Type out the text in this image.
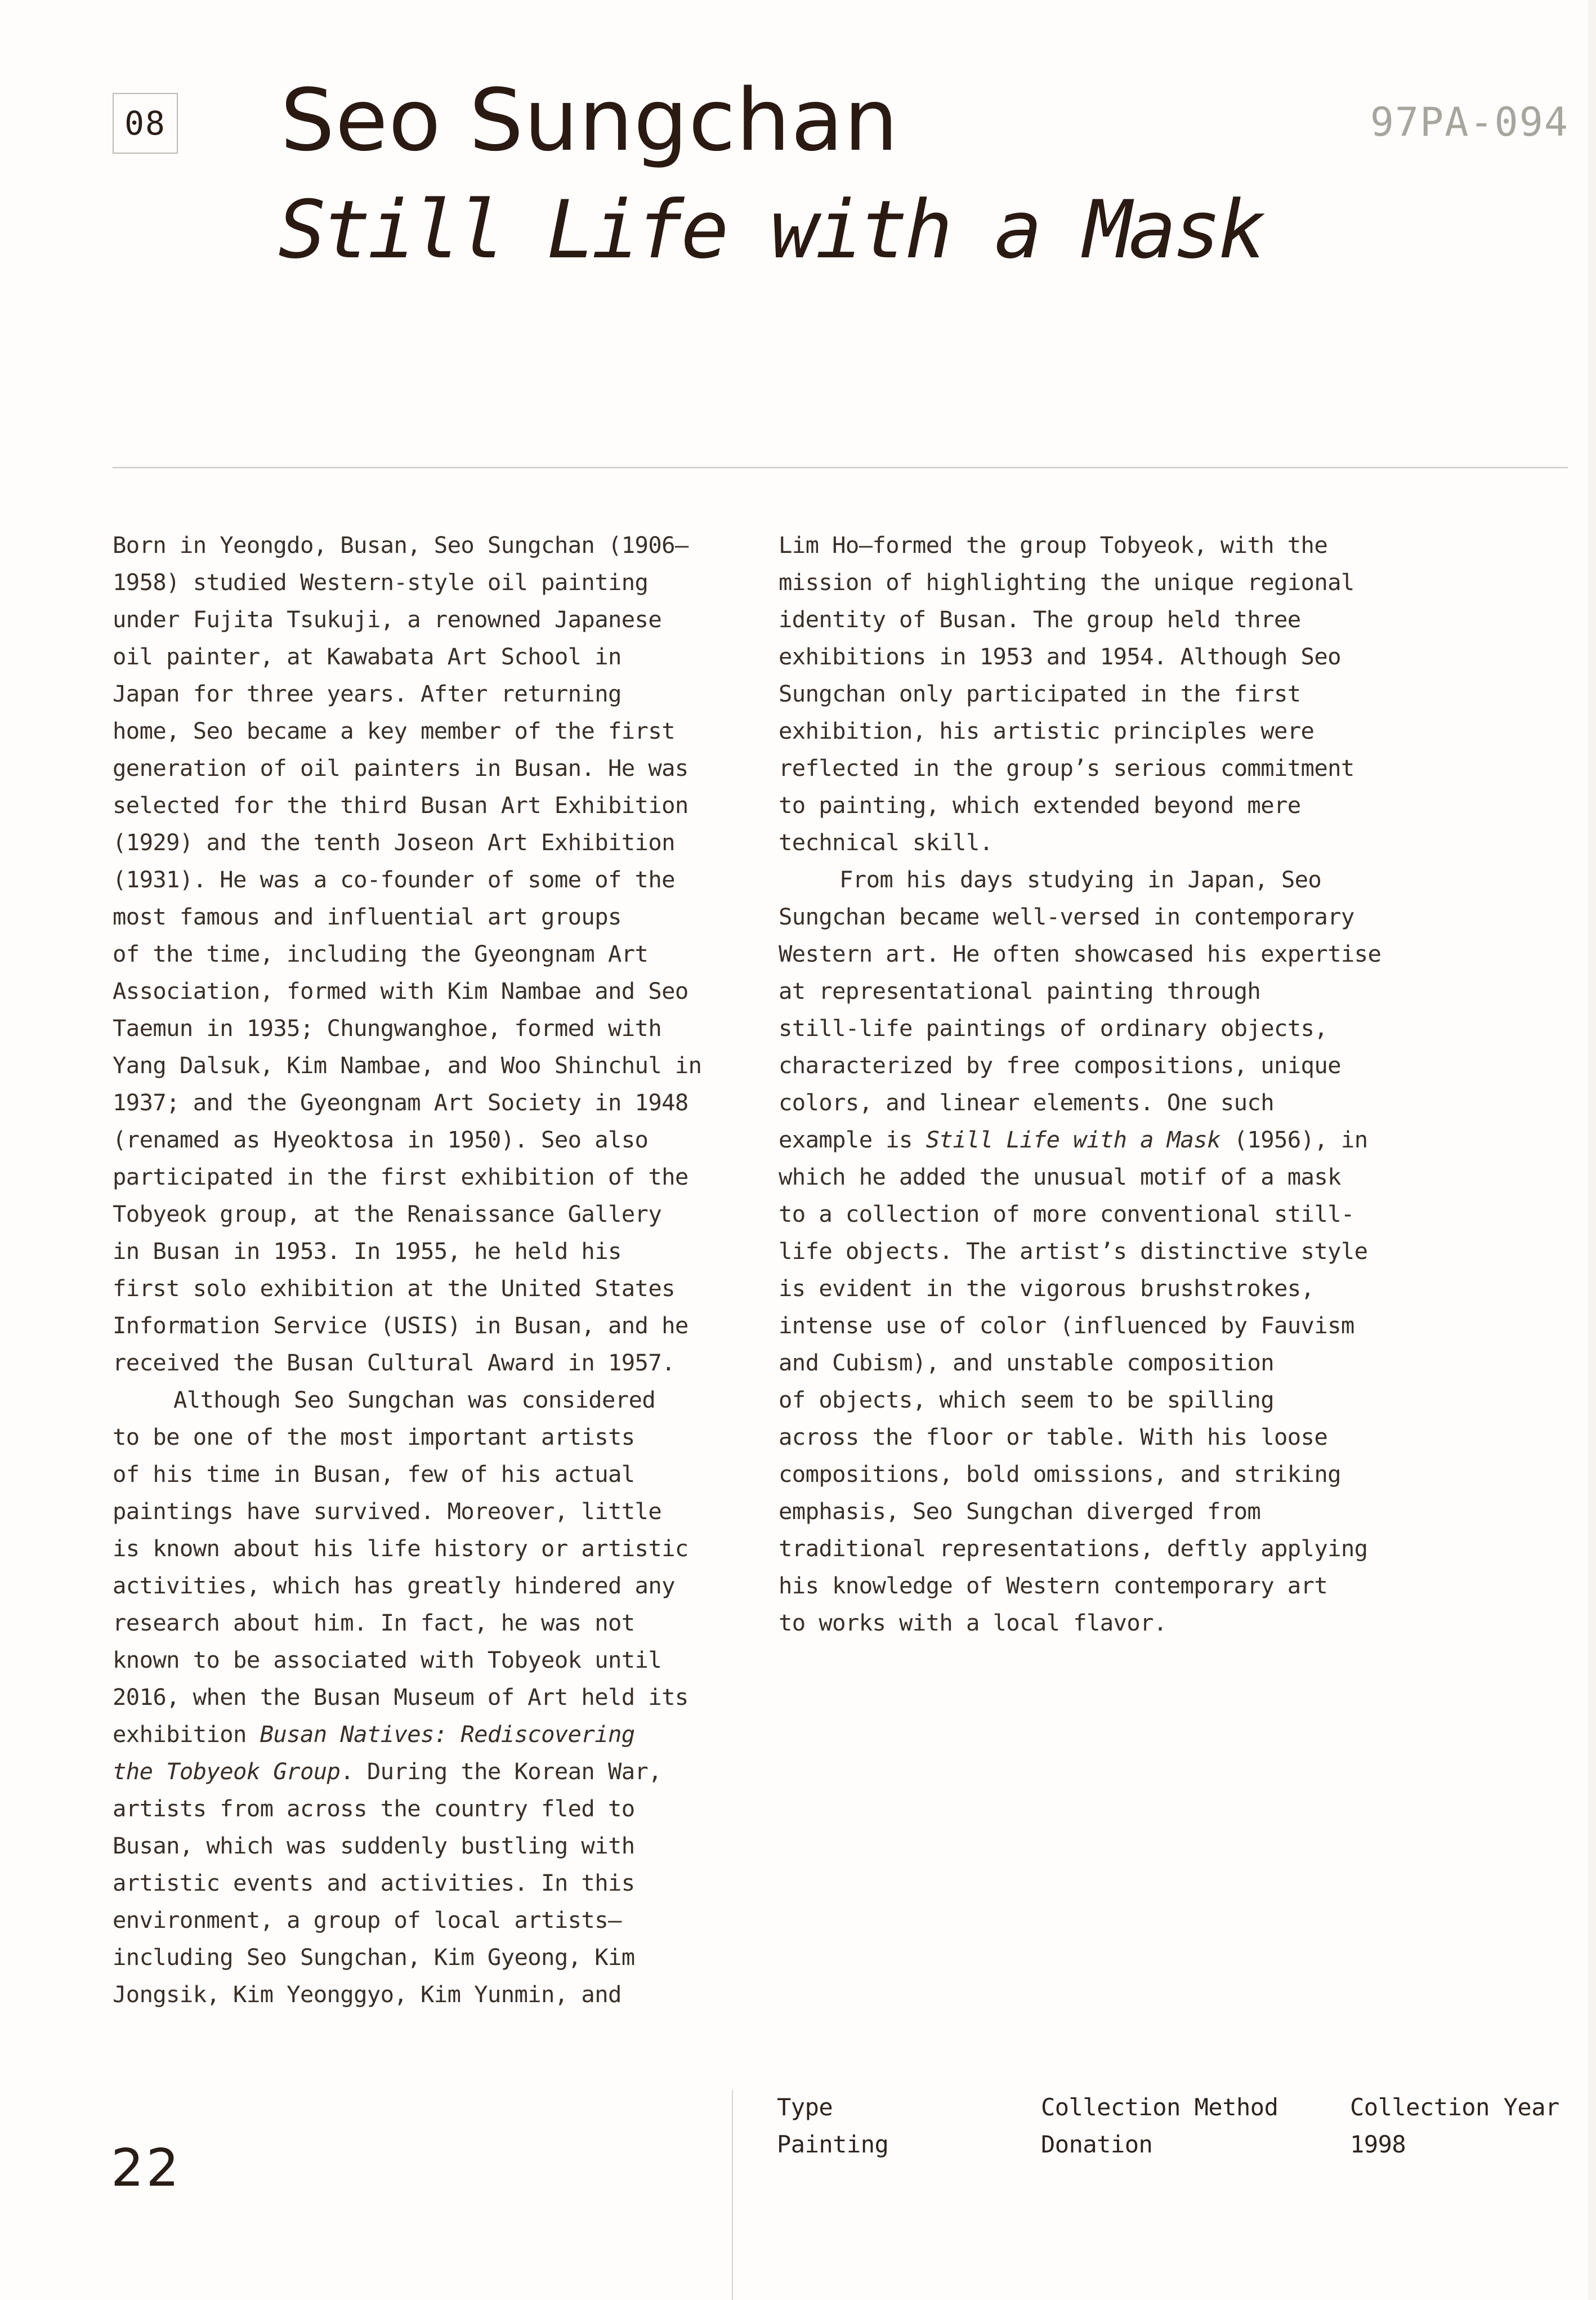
08 Seo Sungchan
Still Life with a Mask
97PA-094

Born in Yeongdo, Busan, Seo Sungchan (1906–

1958) studied Western-style oil painting

under Fujita Tsukuji, a renowned Japanese

oil painter, at Kawabata Art School in

Japan for three years. After returning

home, Seo became a key member of the first

generation of oil painters in Busan. He was

selected for the third Busan Art Exhibition

(1929) and the tenth Joseon Art Exhibition

(1931). He was a co-founder of some of the

most famous and influential art groups

of the time, including the Gyeongnam Art

Association, formed with Kim Nambae and Seo

Taemun in 1935; Chungwanghoe, formed with

Yang Dalsuk, Kim Nambae, and Woo Shinchul in

1937; and the Gyeongnam Art Society in 1948

(renamed as Hyeoktosa in 1950). Seo also

participated in the first exhibition of the

Tobyeok group, at the Renaissance Gallery

in Busan in 1953. In 1955, he held his

first solo exhibition at the United States

Information Service (USIS) in Busan, and he

received the Busan Cultural Award in 1957.

Although Seo Sungchan was considered

to be one of the most important artists

of his time in Busan, few of his actual

paintings have survived. Moreover, little

is known about his life history or artistic

activities, which has greatly hindered any

research about him. In fact, he was not

known to be associated with Tobyeok until

2016, when the Busan Museum of Art held its

exhibition Busan Natives: Rediscovering

the Tobyeok Group. During the Korean War,

artists from across the country fled to

Busan, which was suddenly bustling with

artistic events and activities. In this

environment, a group of local artists—

including Seo Sungchan, Kim Gyeong, Kim

Jongsik, Kim Yeonggyo, Kim Yunmin, and

Lim Ho—formed the group Tobyeok, with the

mission of highlighting the unique regional

identity of Busan. The group held three

exhibitions in 1953 and 1954. Although Seo

Sungchan only participated in the first

exhibition, his artistic principles were

reflected in the group’s serious commitment

to painting, which extended beyond mere

technical skill.

From his days studying in Japan, Seo

Sungchan became well-versed in contemporary

Western art. He often showcased his expertise

at representational painting through

still-life paintings of ordinary objects,

characterized by free compositions, unique

colors, and linear elements. One such

example is Still Life with a Mask (1956), in

which he added the unusual motif of a mask

to a collection of more conventional still-

life objects. The artist’s distinctive style

is evident in the vigorous brushstrokes,

intense use of color (influenced by Fauvism

and Cubism), and unstable composition

of objects, which seem to be spilling

across the floor or table. With his loose

compositions, bold omissions, and striking

emphasis, Seo Sungchan diverged from

traditional representations, deftly applying

his knowledge of Western contemporary art

to works with a local flavor.

22
Type
Painting
Collection Method
Donation
Collection Year
1998
